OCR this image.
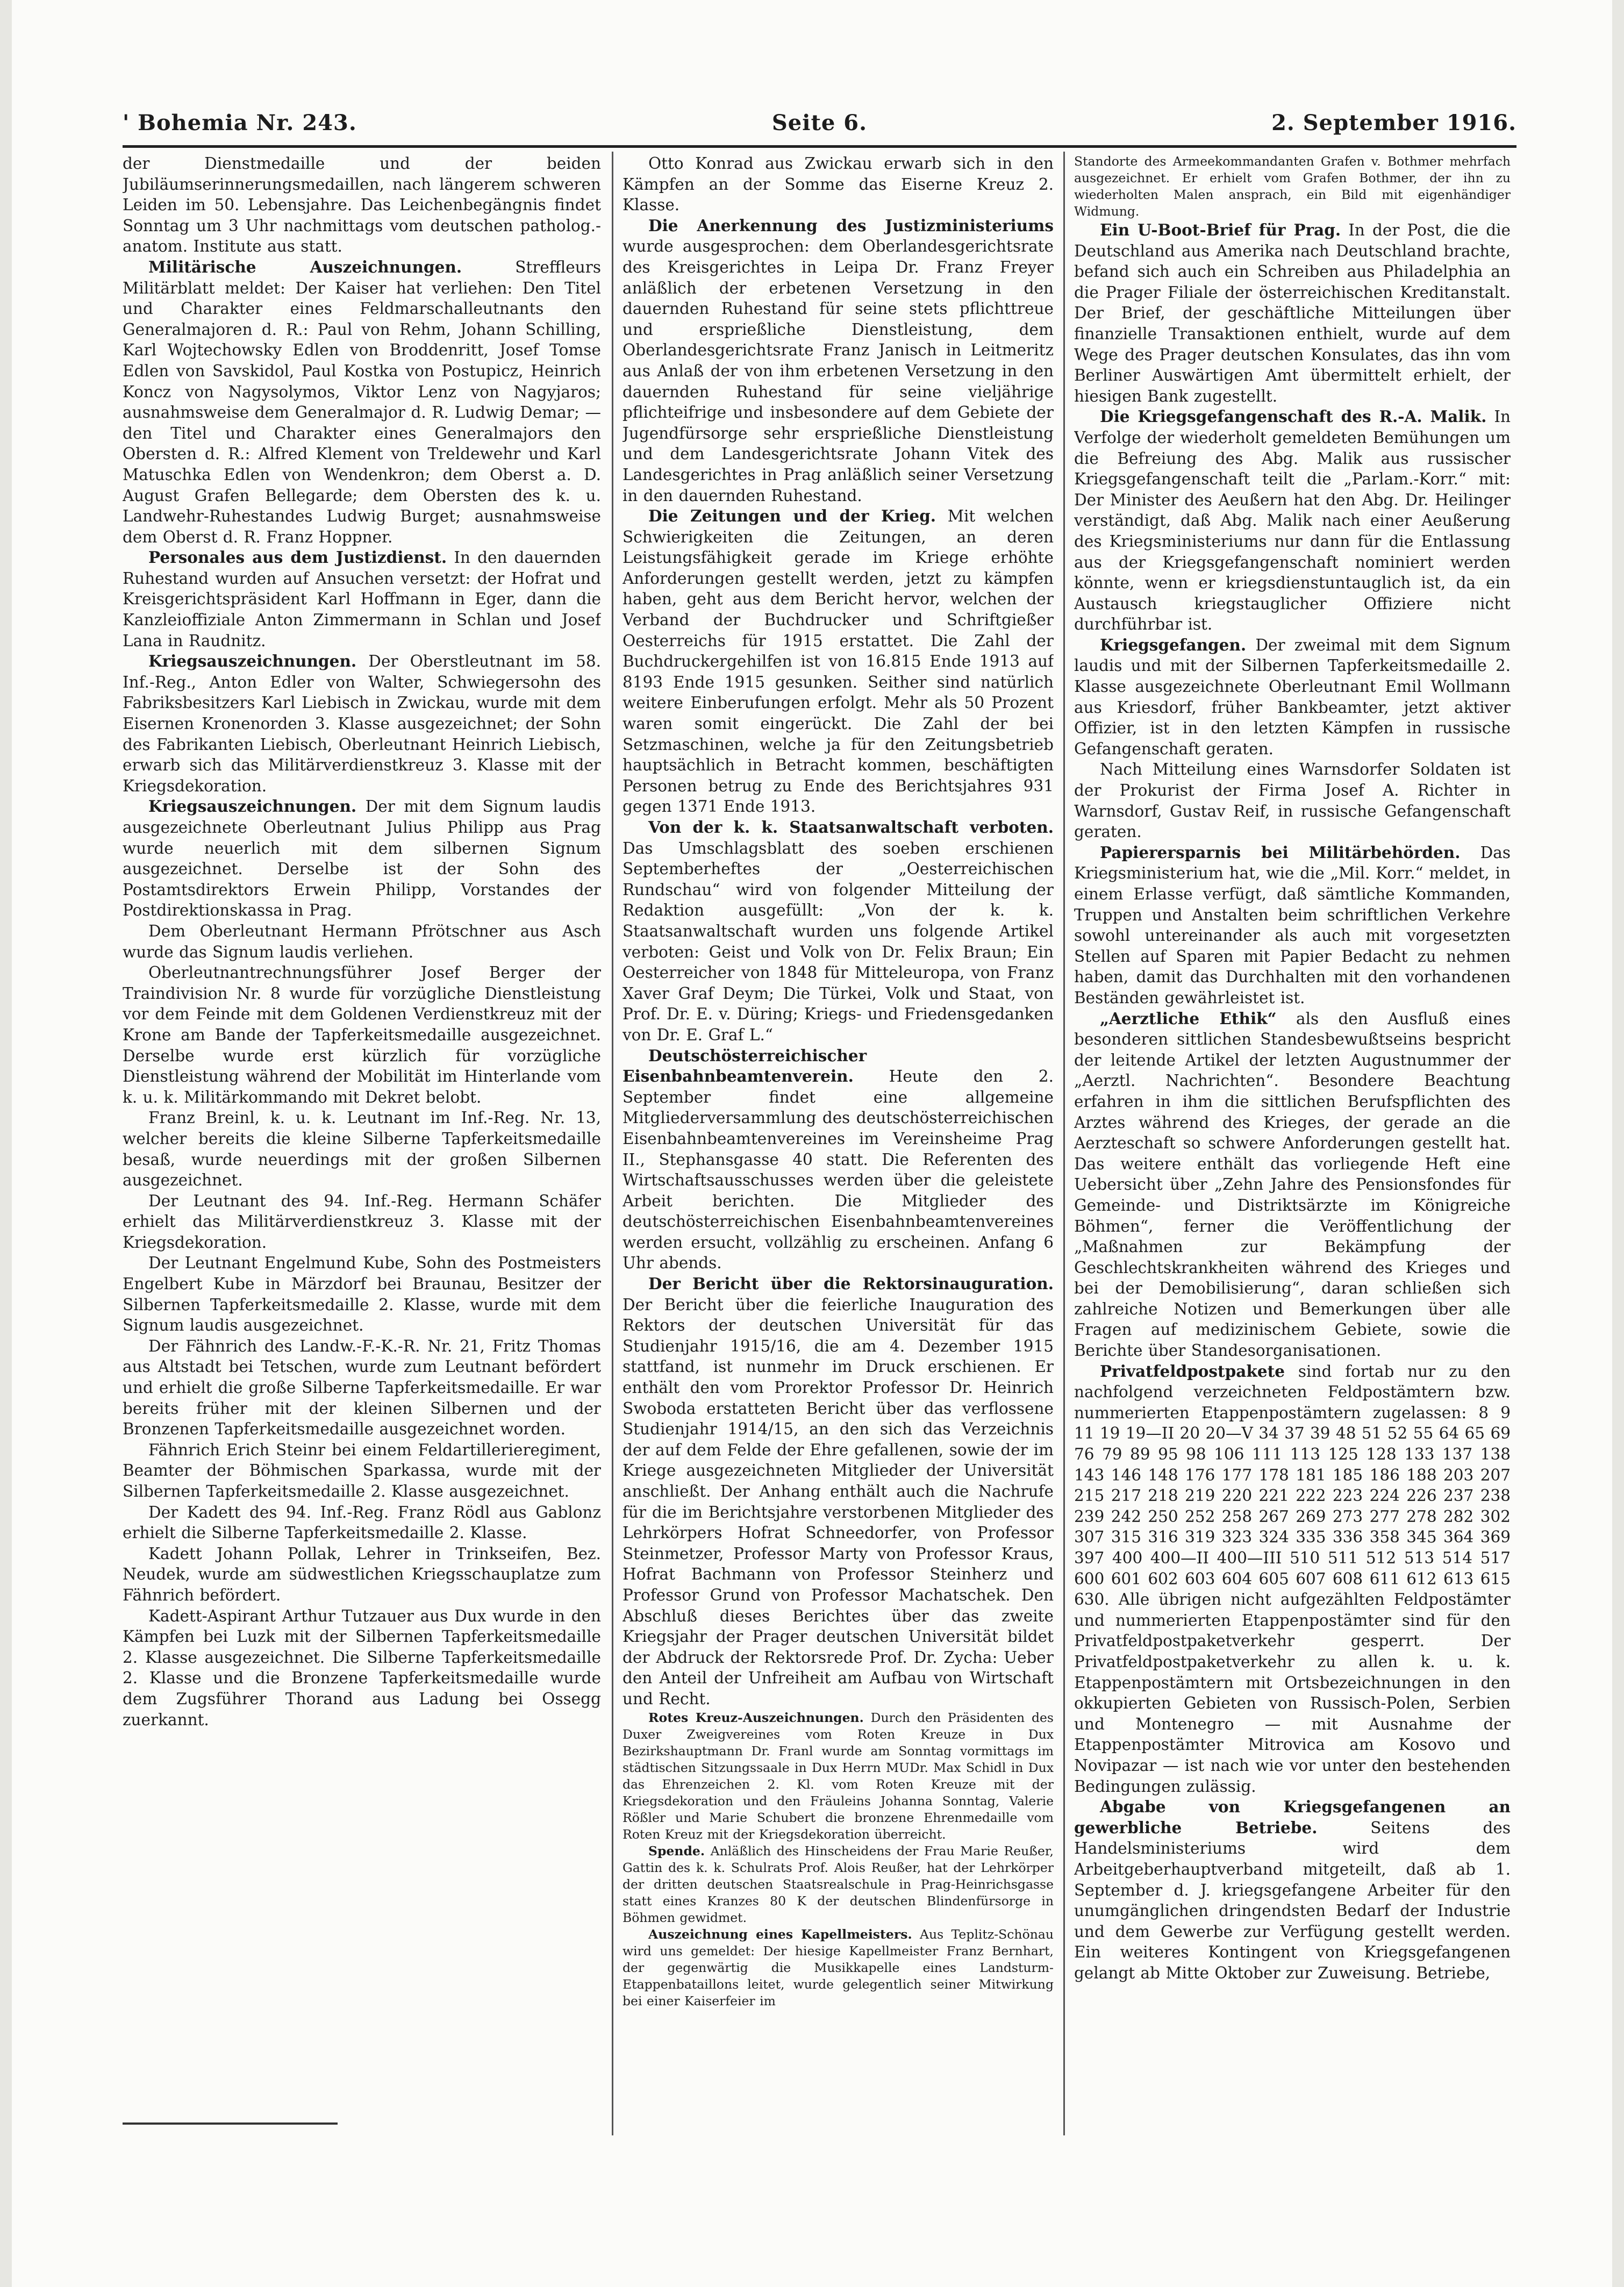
' Bohemia Nr. 243.	Seite 6.	2. September 1916.

der Dienstmedaille und der beiden Jubiläumserinnerungsmedaillen, nach längerem schweren Leiden im 50. Lebensjahre. Das Leichenbegängnis findet Sonntag um 3 Uhr nachmittags vom deutschen patholog.-anatom. Institute aus statt.

Militärische Auszeichnungen.	Streffleurs Militärblatt meldet: Der Kaiser hat verliehen: Den Titel und Charakter eines Feldmarschalleutnants den Generalmajoren d. R.: Paul von Rehm, Johann Schilling, Karl Wojtechowsky Edlen von Broddenritt, Josef Tomse Edlen von Savskidol, Paul Kostka von Postupicz, Heinrich Koncz von Nagysolymos, Viktor Lenz von Nagyjaros; ausnahmsweise dem Generalmajor d. R. Ludwig Demar; — den Titel und Charakter eines Generalmajors den Obersten d. R.: Alfred Klement von Treldewehr und Karl Matuschka Edlen von Wendenkron; dem Oberst a. D. August Grafen Bellegarde; dem Obersten des k. u. Landwehr-Ruhestandes Ludwig Burget; ausnahmsweise dem Oberst d. R. Franz Hoppner.

Personales aus dem Justizdienst. In den dauernden Ruhestand wurden auf Ansuchen versetzt: der Hofrat und Kreisgerichtspräsident Karl Hoffmann in Eger, dann die Kanzleioffiziale Anton Zimmermann in Schlan und Josef Lana in Raudnitz.

Kriegsauszeichnungen. Der Oberstleutnant im 58. Inf.-Reg., Anton Edler von Walter, Schwiegersohn des Fabriksbesitzers Karl Liebisch in Zwickau, wurde mit dem Eisernen Kronenorden 3. Klasse ausgezeichnet; der Sohn des Fabrikanten Liebisch, Oberleutnant Heinrich Liebisch, erwarb sich das Militärverdienstkreuz 3. Klasse mit der Kriegsdekoration.

Kriegsauszeichnungen. Der mit dem Signum laudis ausgezeichnete Oberleutnant Julius Philipp aus Prag wurde neuerlich mit dem silbernen Signum ausgezeichnet. Derselbe ist der Sohn des Postamtsdirektors Erwein Philipp, Vorstandes der Postdirektionskassa in Prag.

Dem Oberleutnant Hermann Pfrötschner aus Asch wurde das Signum laudis verliehen.

Oberleutnantrechnungsführer Josef Berger der Traindivision Nr. 8 wurde für vorzügliche Dienstleistung vor dem Feinde mit dem Goldenen Verdienstkreuz mit der Krone am Bande der Tapferkeitsmedaille ausgezeichnet. Derselbe wurde erst kürzlich für vorzügliche Dienstleistung während der Mobilität im Hinterlande vom k. u. k. Militärkommando mit Dekret belobt.

Franz Breinl, k. u. k. Leutnant im Inf.-Reg. Nr. 13, welcher bereits die kleine Silberne Tapferkeitsmedaille besaß, wurde neuerdings mit der großen Silbernen ausgezeichnet.

Der Leutnant des 94. Inf.-Reg. Hermann Schäfer erhielt das Militärverdienstkreuz 3. Klasse mit der Kriegsdekoration.

Der Leutnant Engelmund Kube, Sohn des Postmeisters Engelbert Kube in Märzdorf bei Braunau, Besitzer der Silbernen Tapferkeitsmedaille 2. Klasse, wurde mit dem Signum laudis ausgezeichnet.

Der Fähnrich des Landw.-F.-K.-R. Nr. 21, Fritz Thomas aus Altstadt bei Tetschen, wurde zum Leutnant befördert und erhielt die große Silberne Tapferkeitsmedaille. Er war bereits früher mit der kleinen Silbernen und der Bronzenen Tapferkeitsmedaille ausgezeichnet worden.

Fähnrich Erich Steinr bei einem Feldartillerieregiment, Beamter der Böhmischen Sparkassa, wurde mit der Silbernen Tapferkeitsmedaille 2. Klasse ausgezeichnet.

Der Kadett des 94. Inf.-Reg. Franz Rödl aus Gablonz erhielt die Silberne Tapferkeitsmedaille 2. Klasse.

Kadett Johann Pollak, Lehrer in Trinkseifen, Bez. Neudek, wurde am südwestlichen Kriegsschauplatze zum Fähnrich befördert.

Kadett-Aspirant Arthur Tutzauer aus Dux wurde in den Kämpfen bei Luzk mit der Silbernen Tapferkeitsmedaille 2. Klasse ausgezeichnet. Die Silberne Tapferkeitsmedaille 2. Klasse und die Bronzene Tapferkeitsmedaille wurde dem Zugsführer Thorand aus Ladung bei Ossegg zuerkannt.

Otto Konrad aus Zwickau erwarb sich in den Kämpfen an der Somme das Eiserne Kreuz 2. Klasse.

Die Anerkennung des Justizministeriums wurde ausgesprochen: dem Oberlandesgerichtsrate des Kreisgerichtes in Leipa Dr. Franz Freyer anläßlich der erbetenen Versetzung in den dauernden Ruhestand für seine stets pflichttreue und ersprießliche Dienstleistung, dem Oberlandesgerichtsrate Franz Janisch in Leitmeritz aus Anlaß der von ihm erbetenen Versetzung in den dauernden Ruhestand für seine vieljährige pflichteifrige und insbesondere auf dem Gebiete der Jugendfürsorge sehr ersprießliche Dienstleistung und dem Landesgerichtsrate Johann Vitek des Landesgerichtes in Prag anläßlich seiner Versetzung in den dauernden Ruhestand.

Die Zeitungen und der Krieg. Mit welchen Schwierigkeiten die Zeitungen, an deren Leistungsfähigkeit gerade im Kriege erhöhte Anforderungen gestellt werden, jetzt zu kämpfen haben, geht aus dem Bericht hervor, welchen der Verband der Buchdrucker und Schriftgießer Oesterreichs für 1915 erstattet. Die Zahl der Buchdruckergehilfen ist von 16.815 Ende 1913 auf 8193 Ende 1915 gesunken. Seither sind natürlich weitere Einberufungen erfolgt. Mehr als 50 Prozent waren somit eingerückt. Die Zahl der bei Setzmaschinen, welche ja für den Zeitungsbetrieb hauptsächlich in Betracht kommen, beschäftigten Personen betrug zu Ende des Berichtsjahres 931 gegen 1371 Ende 1913.

Von der k. k. Staatsanwaltschaft verboten. Das Umschlagsblatt des soeben erschienen Septemberheftes der „Oesterreichischen Rundschau“ wird von folgender Mitteilung der Redaktion ausgefüllt: „Von der k. k. Staatsanwaltschaft wurden uns folgende Artikel verboten: Geist und Volk von Dr. Felix Braun; Ein Oesterreicher von 1848 für Mitteleuropa, von Franz Xaver Graf Deym; Die Türkei, Volk und Staat, von Prof. Dr. E. v. Düring; Kriegs- und Friedensgedanken von Dr. E. Graf L.“

Deutschösterreichischer Eisenbahnbeamtenverein. Heute den 2. September findet eine allgemeine Mitgliederversammlung des deutschösterreichischen Eisenbahnbeamtenvereines im Vereinsheime Prag II., Stephansgasse 40 statt. Die Referenten des Wirtschaftsausschusses werden über die geleistete Arbeit berichten. Die Mitglieder des deutschösterreichischen Eisenbahnbeamtenvereines werden ersucht, vollzählig zu erscheinen. Anfang 6 Uhr abends.

Der Bericht über die Rektorsinauguration. Der Bericht über die feierliche Inauguration des Rektors der deutschen Universität für das Studienjahr 1915/16, die am 4. Dezember 1915 stattfand, ist nunmehr im Druck erschienen. Er enthält den vom Prorektor Professor Dr. Heinrich Swoboda erstatteten Bericht über das verflossene Studienjahr 1914/15, an den sich das Verzeichnis der auf dem Felde der Ehre gefallenen, sowie der im Kriege ausgezeichneten Mitglieder der Universität anschließt. Der Anhang enthält auch die Nachrufe für die im Berichtsjahre verstorbenen Mitglieder des Lehrkörpers Hofrat Schneedorfer, von Professor Steinmetzer, Professor Marty von Professor Kraus, Hofrat Bachmann von Professor Steinherz und Professor Grund von Professor Machatschek. Den Abschluß dieses Berichtes über das zweite Kriegsjahr der Prager deutschen Universität bildet der Abdruck der Rektorsrede Prof. Dr. Zycha: Ueber den Anteil der Unfreiheit am Aufbau von Wirtschaft und Recht.

Rotes Kreuz-Auszeichnungen. Durch den Präsidenten des Duxer Zweigvereines vom Roten Kreuze in Dux Bezirkshauptmann Dr. Franl wurde am Sonntag vormittags im städtischen Sitzungssaale in Dux Herrn MUDr. Max Schidl in Dux das Ehrenzeichen 2. Kl. vom Roten Kreuze mit der Kriegsdekoration und den Fräuleins Johanna Sonntag, Valerie Rößler und Marie Schubert die bronzene Ehrenmedaille vom Roten Kreuz mit der Kriegsdekoration überreicht.

Spende. Anläßlich des Hinscheidens der Frau Marie Reußer, Gattin des k. k. Schulrats Prof. Alois Reußer, hat der Lehrkörper der dritten deutschen Staatsrealschule in Prag-Heinrichsgasse statt eines Kranzes 80 K der deutschen Blindenfürsorge in Böhmen gewidmet.

Auszeichnung eines Kapellmeisters. Aus Teplitz-Schönau wird uns gemeldet: Der hiesige Kapellmeister Franz Bernhart, der gegenwärtig die Musikkapelle eines Landsturm-Etappenbataillons leitet, wurde gelegentlich seiner Mitwirkung bei einer Kaiserfeier im

Standorte des Armeekommandanten Grafen v. Bothmer mehrfach ausgezeichnet. Er erhielt vom Grafen Bothmer, der ihn zu wiederholten Malen ansprach, ein Bild mit eigenhändiger Widmung.

Ein U-Boot-Brief für Prag. In der Post, die die Deutschland aus Amerika nach Deutschland brachte, befand sich auch ein Schreiben aus Philadelphia an die Prager Filiale der österreichischen Kreditanstalt. Der Brief, der geschäftliche Mitteilungen über finanzielle Transaktionen enthielt, wurde auf dem Wege des Prager deutschen Konsulates, das ihn vom Berliner Auswärtigen Amt übermittelt erhielt, der hiesigen Bank zugestellt.

Die Kriegsgefangenschaft des R.-A. Malik. In Verfolge der wiederholt gemeldeten Bemühungen um die Befreiung des Abg. Malik aus russischer Kriegsgefangenschaft teilt die „Parlam.-Korr.“ mit: Der Minister des Aeußern hat den Abg. Dr. Heilinger verständigt, daß Abg. Malik nach einer Aeußerung des Kriegsministeriums nur dann für die Entlassung aus der Kriegsgefangenschaft nominiert werden könnte, wenn er kriegsdienstuntauglich ist, da ein Austausch kriegstauglicher Offiziere nicht durchführbar ist.

Kriegsgefangen. Der zweimal mit dem Signum laudis und mit der Silbernen Tapferkeitsmedaille 2. Klasse ausgezeichnete Oberleutnant Emil Wollmann aus Kriesdorf, früher Bankbeamter, jetzt aktiver Offizier, ist in den letzten Kämpfen in russische Gefangenschaft geraten.

Nach Mitteilung eines Warnsdorfer Soldaten ist der Prokurist der Firma Josef A. Richter in Warnsdorf, Gustav Reif, in russische Gefangenschaft geraten.

Papierersparnis bei Militärbehörden. Das Kriegsministerium hat, wie die „Mil. Korr.“ meldet, in einem Erlasse verfügt, daß sämtliche Kommanden, Truppen und Anstalten beim schriftlichen Verkehre sowohl untereinander als auch mit vorgesetzten Stellen auf Sparen mit Papier Bedacht zu nehmen haben, damit das Durchhalten mit den vorhandenen Beständen gewährleistet ist.

„Aerztliche Ethik“ als den Ausfluß eines besonderen sittlichen Standesbewußtseins bespricht der leitende Artikel der letzten Augustnummer der „Aerztl. Nachrichten“. Besondere Beachtung erfahren in ihm die sittlichen Berufspflichten des Arztes während des Krieges, der gerade an die Aerzteschaft so schwere Anforderungen gestellt hat. Das weitere enthält das vorliegende Heft eine Uebersicht über „Zehn Jahre des Pensionsfondes für Gemeinde- und Distriktsärzte im Königreiche Böhmen“, ferner die Veröffentlichung der „Maßnahmen zur Bekämpfung der Geschlechtskrankheiten während des Krieges und bei der Demobilisierung“, daran schließen sich zahlreiche Notizen und Bemerkungen über alle Fragen auf medizinischem Gebiete, sowie die Berichte über Standesorganisationen.

Privatfeldpostpakete sind fortab nur zu den nachfolgend verzeichneten Feldpostämtern bzw. nummerierten Etappenpostämtern zugelassen: 8 9 11 19 19—II 20 20—V 34 37 39 48 51 52 55 64 65 69 76 79 89 95 98 106 111 113 125 128 133 137 138 143 146 148 176 177 178 181 185 186 188 203 207 215 217 218 219 220 221 222 223 224 226 237 238 239 242 250 252 258 267 269 273 277 278 282 302 307 315 316 319 323 324 335 336 358 345 364 369 397 400 400—II 400—III 510 511 512 513 514 517 600 601 602 603 604 605 607 608 611 612 613 615 630. Alle übrigen nicht aufgezählten Feldpostämter und nummerierten Etappenpostämter sind für den Privatfeldpostpaketverkehr gesperrt. Der Privatfeldpostpaketverkehr zu allen k. u. k. Etappenpostämtern mit Ortsbezeichnungen in den okkupierten Gebieten von Russisch-Polen, Serbien und Montenegro — mit Ausnahme der Etappenpostämter Mitrovica am Kosovo und Novipazar — ist nach wie vor unter den bestehenden Bedingungen zulässig.

Abgabe von Kriegsgefangenen an gewerbliche Betriebe.	Seitens des Handelsministeriums wird dem Arbeitgeberhauptverband mitgeteilt, daß ab 1. September d. J. kriegsgefangene Arbeiter für den unumgänglichen dringendsten Bedarf der Industrie und dem Gewerbe zur Verfügung gestellt werden. Ein weiteres Kontingent von Kriegsgefangenen gelangt ab Mitte Oktober zur Zuweisung. Betriebe,
